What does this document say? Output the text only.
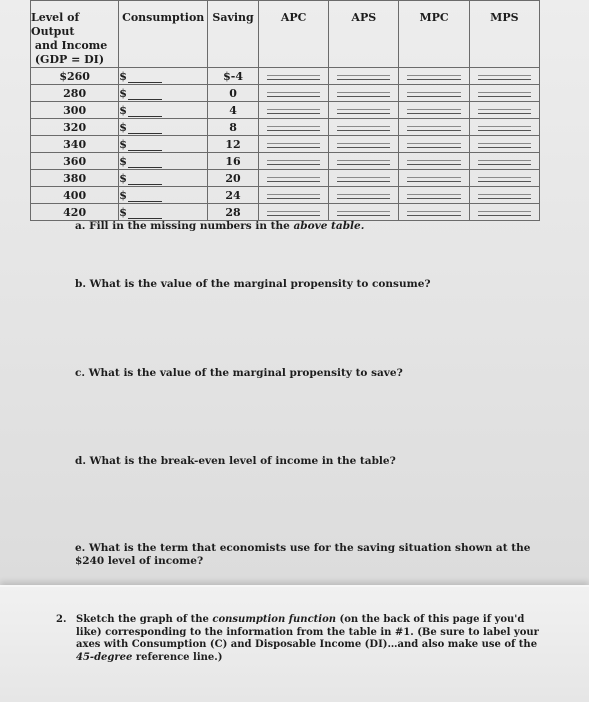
Level of Output
and Income
(GDP = DI)	Consumption	Saving	APC	APS	MPC	MPS
$260	$	$-4	

280	$	0	

300	$	4	

320	$	8	

340	$	12	

360	$	16	

380	$	20	

400	$	24	

420	$	28	

a. Fill in the missing numbers in the above table.
b. What is the value of the marginal propensity to consume?
c. What is the value of the marginal propensity to save?
d. What is the break-even level of income in the table?
e. What is the term that economists use for the saving situation shown at the $240 level of income?
2. Sketch the graph of the consumption function (on the back of this page if you'd like) corresponding to the information from the table in #1. (Be sure to label your axes with Consumption (C) and Disposable Income (DI)…and also make use of the 45-degree reference line.)
